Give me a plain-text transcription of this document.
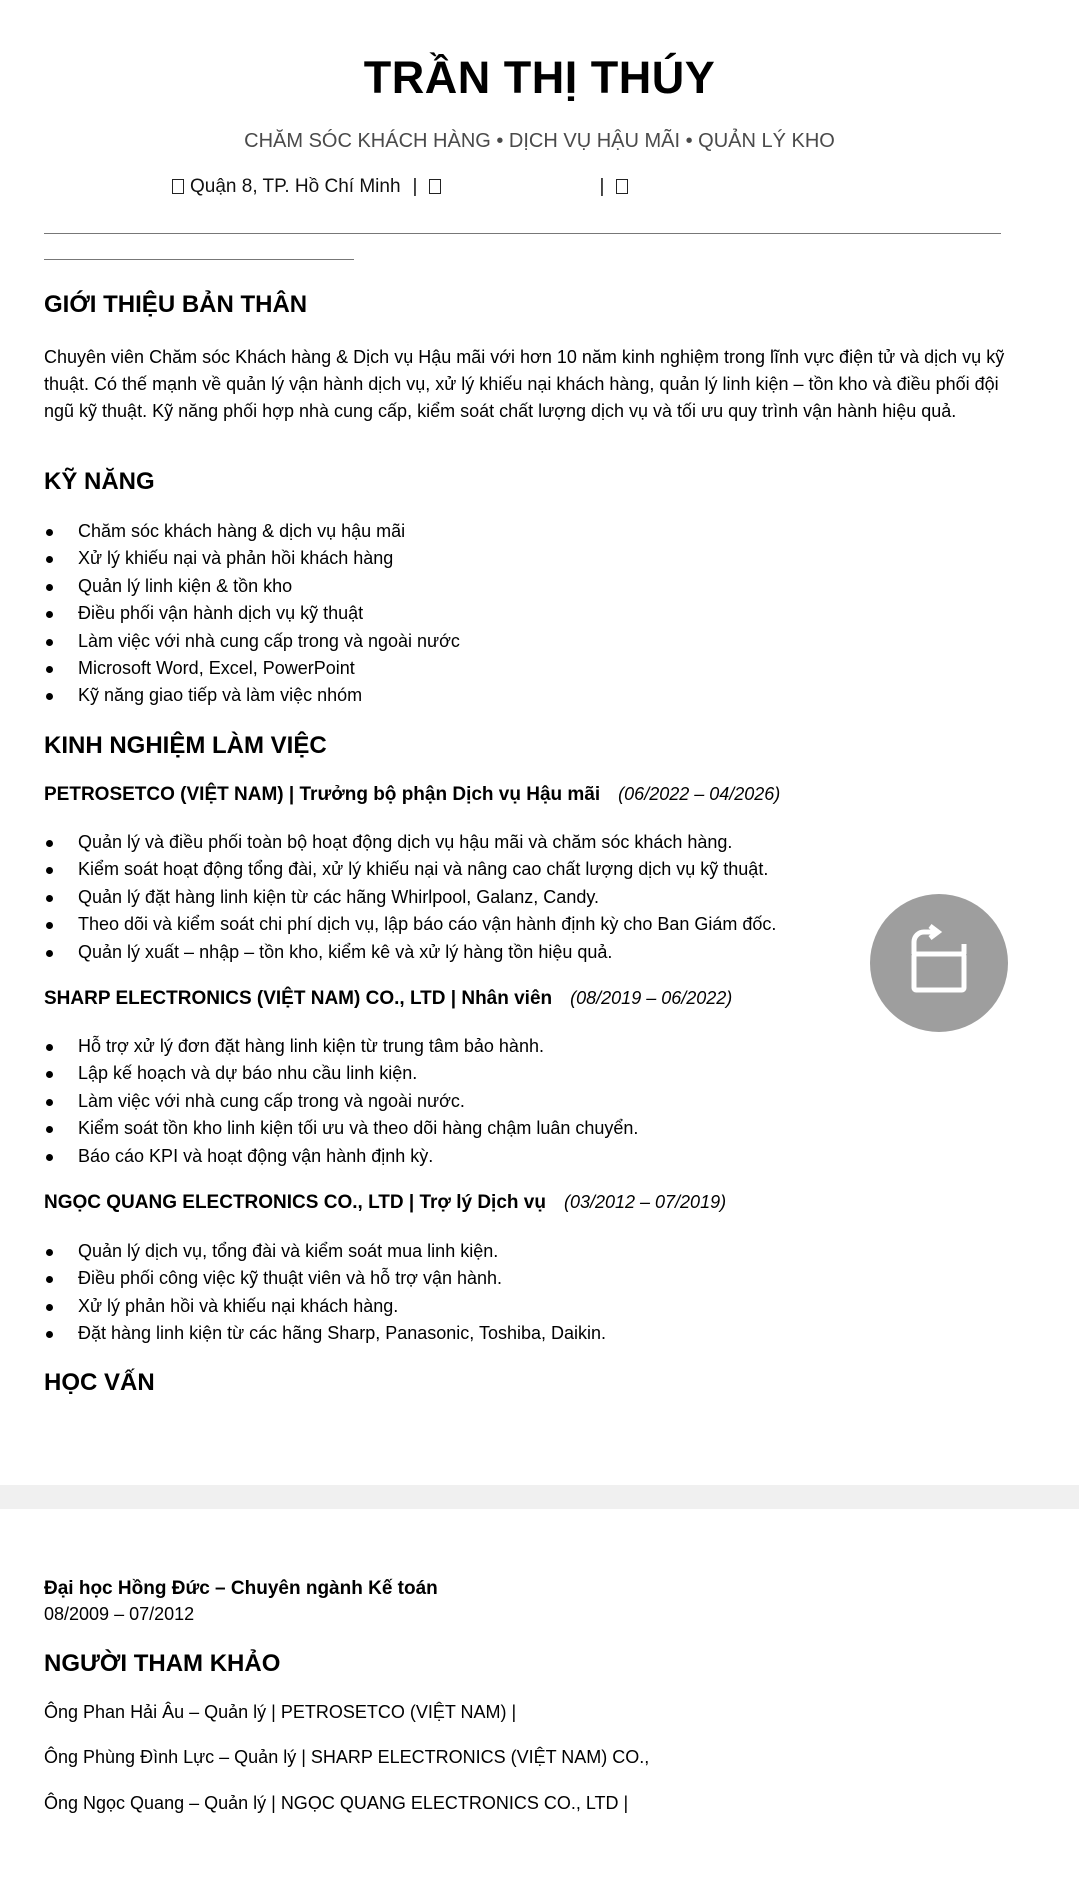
TRẦN THỊ THÚY
CHĂM SÓC KHÁCH HÀNG • DỊCH VỤ HẬU MÃI • QUẢN LÝ KHO
Quận 8, TP. Hồ Chí Minh |	|
GIỚI THIỆU BẢN THÂN
Chuyên viên Chăm sóc Khách hàng & Dịch vụ Hậu mãi với hơn 10 năm kinh nghiệm trong lĩnh vực điện tử và dịch vụ kỹ thuật. Có thế mạnh về quản lý vận hành dịch vụ, xử lý khiếu nại khách hàng, quản lý linh kiện – tồn kho và điều phối đội ngũ kỹ thuật. Kỹ năng phối hợp nhà cung cấp, kiểm soát chất lượng dịch vụ và tối ưu quy trình vận hành hiệu quả.
KỸ NĂNG
Chăm sóc khách hàng & dịch vụ hậu mãi
Xử lý khiếu nại và phản hồi khách hàng
Quản lý linh kiện & tồn kho
Điều phối vận hành dịch vụ kỹ thuật
Làm việc với nhà cung cấp trong và ngoài nước
Microsoft Word, Excel, PowerPoint
Kỹ năng giao tiếp và làm việc nhóm
KINH NGHIỆM LÀM VIỆC
PETROSETCO (VIỆT NAM) | Trưởng bộ phận Dịch vụ Hậu mãi (06/2022 – 04/2026)
Quản lý và điều phối toàn bộ hoạt động dịch vụ hậu mãi và chăm sóc khách hàng.
Kiểm soát hoạt động tổng đài, xử lý khiếu nại và nâng cao chất lượng dịch vụ kỹ thuật.
Quản lý đặt hàng linh kiện từ các hãng Whirlpool, Galanz, Candy.
Theo dõi và kiểm soát chi phí dịch vụ, lập báo cáo vận hành định kỳ cho Ban Giám đốc.
Quản lý xuất – nhập – tồn kho, kiểm kê và xử lý hàng tồn hiệu quả.
SHARP ELECTRONICS (VIỆT NAM) CO., LTD | Nhân viên (08/2019 – 06/2022)
Hỗ trợ xử lý đơn đặt hàng linh kiện từ trung tâm bảo hành.
Lập kế hoạch và dự báo nhu cầu linh kiện.
Làm việc với nhà cung cấp trong và ngoài nước.
Kiểm soát tồn kho linh kiện tối ưu và theo dõi hàng chậm luân chuyển.
Báo cáo KPI và hoạt động vận hành định kỳ.
NGỌC QUANG ELECTRONICS CO., LTD | Trợ lý Dịch vụ (03/2012 – 07/2019)
Quản lý dịch vụ, tổng đài và kiểm soát mua linh kiện.
Điều phối công việc kỹ thuật viên và hỗ trợ vận hành.
Xử lý phản hồi và khiếu nại khách hàng.
Đặt hàng linh kiện từ các hãng Sharp, Panasonic, Toshiba, Daikin.
HỌC VẤN
Đại học Hồng Đức – Chuyên ngành Kế toán
08/2009 – 07/2012
NGƯỜI THAM KHẢO
Ông Phan Hải Âu – Quản lý | PETROSETCO (VIỆT NAM) |
Ông Phùng Đình Lực – Quản lý | SHARP ELECTRONICS (VIỆT NAM) CO.,
Ông Ngọc Quang – Quản lý | NGỌC QUANG ELECTRONICS CO., LTD |
